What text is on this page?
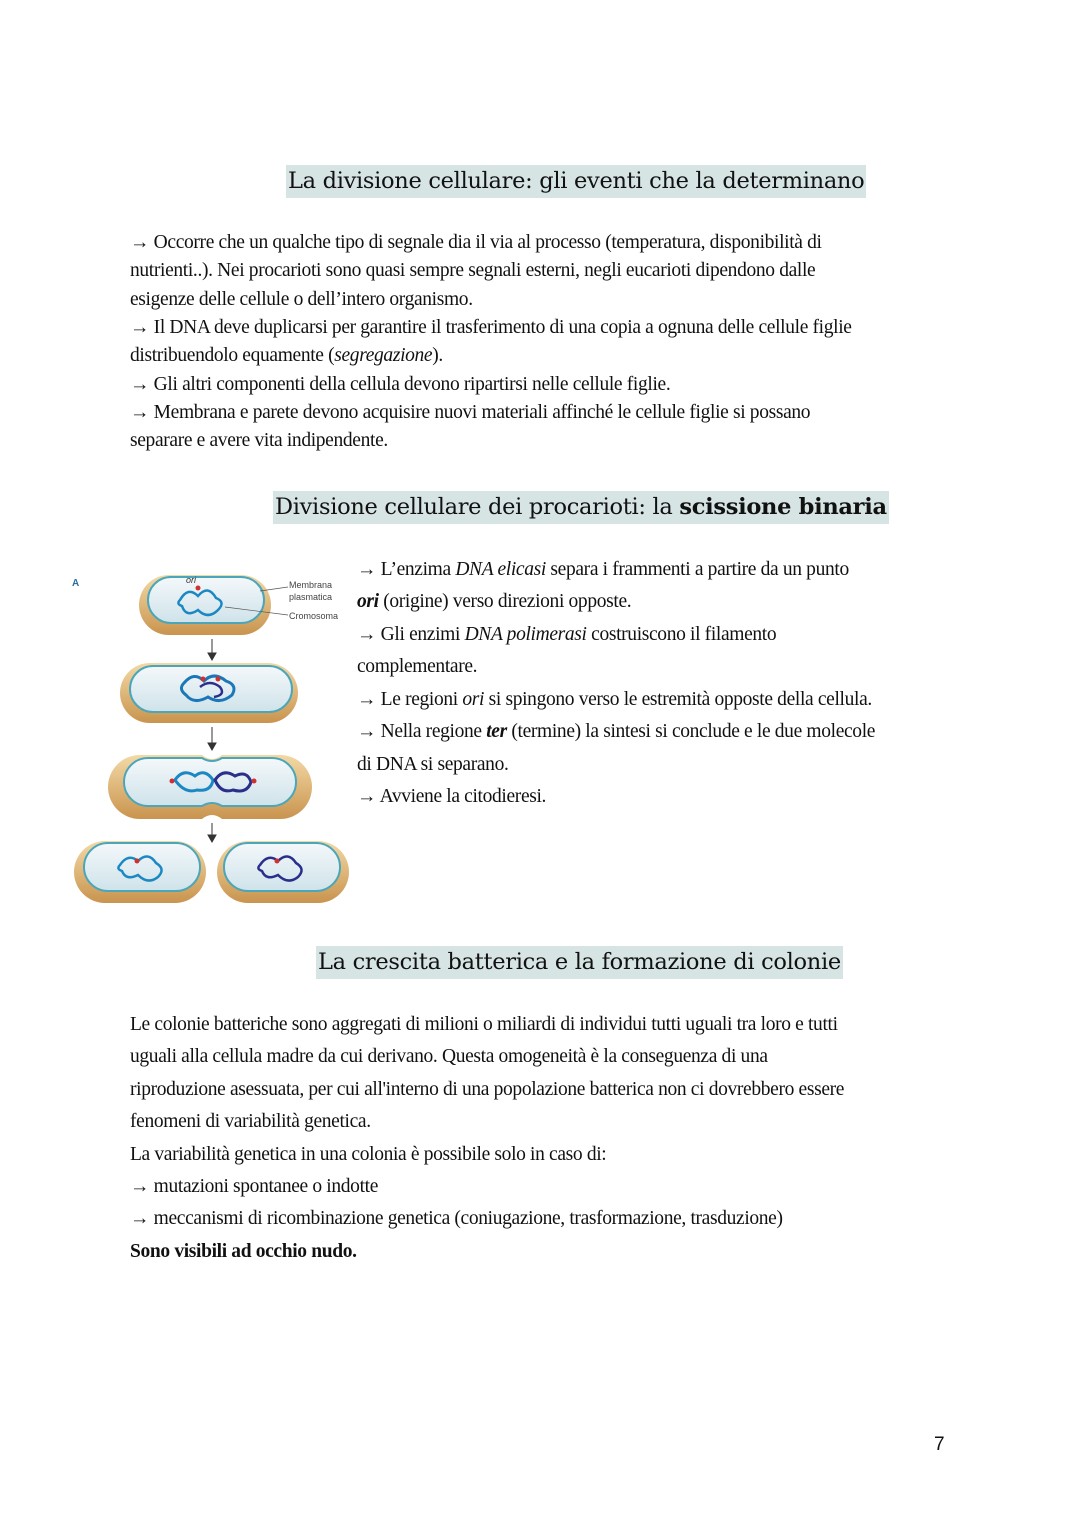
La divisione cellulare: gli eventi che la determinano
→ Occorre che un qualche tipo di segnale dia il via al processo (temperatura, disponibilità di
nutrienti..). Nei procarioti sono quasi sempre segnali esterni, negli eucarioti dipendono dalle
esigenze delle cellule o dell’intero organismo.
→ Il DNA deve duplicarsi per garantire il trasferimento di una copia a ognuna delle cellule figlie
distribuendolo equamente (segregazione).
→ Gli altri componenti della cellula devono ripartirsi nelle cellule figlie.
→ Membrana e parete devono acquisire nuovi materiali affinché le cellule figlie si possano
separare e avere vita indipendente.
Divisione cellulare dei procarioti: la scissione binaria
A	ori	Membrana
plasmatica
Cromosoma
→ L’enzima DNA elicasi separa i frammenti a partire da un punto
ori (origine) verso direzioni opposte.
→ Gli enzimi DNA polimerasi costruiscono il filamento
complementare.
→ Le regioni ori si spingono verso le estremità opposte della cellula.
→ Nella regione ter (termine) la sintesi si conclude e le due molecole
di DNA si separano.
→ Avviene la citodieresi.
La crescita batterica e la formazione di colonie
Le colonie batteriche sono aggregati di milioni o miliardi di individui tutti uguali tra loro e tutti
uguali alla cellula madre da cui derivano. Questa omogeneità è la conseguenza di una
riproduzione asessuata, per cui all'interno di una popolazione batterica non ci dovrebbero essere
fenomeni di variabilità genetica.
La variabilità genetica in una colonia è possibile solo in caso di:
→ mutazioni spontanee o indotte
→ meccanismi di ricombinazione genetica (coniugazione, trasformazione, trasduzione)
Sono visibili ad occhio nudo.
7
